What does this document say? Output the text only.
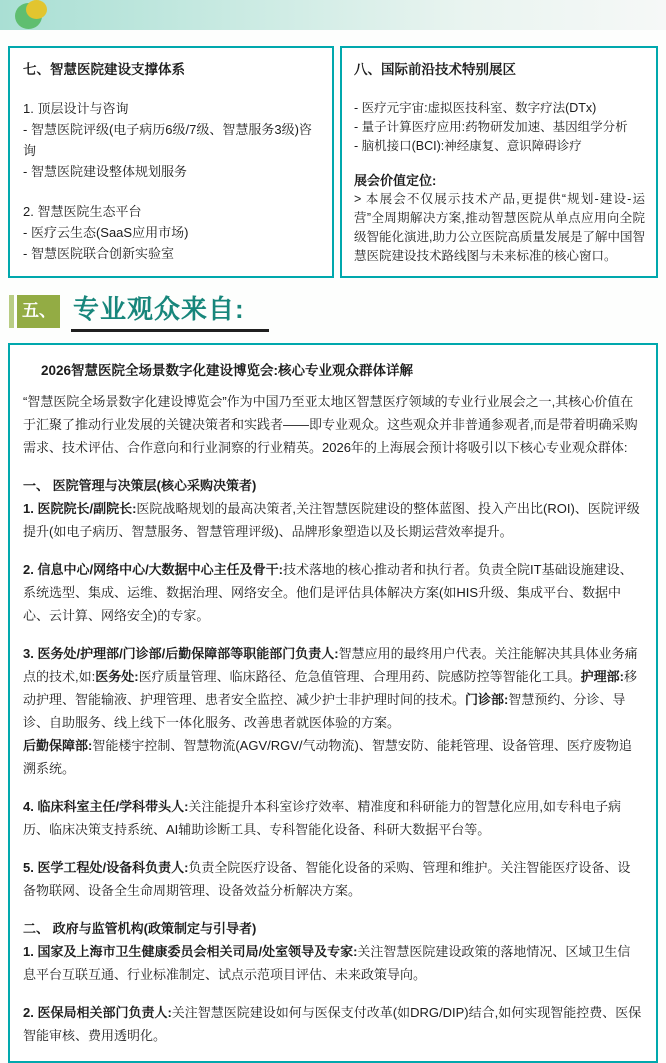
七、智慧医院建设支撑体系
1. 顶层设计与咨询
- 智慧医院评级(电子病历6级/7级、智慧服务3级)咨询
- 智慧医院建设整体规划服务
2. 智慧医院生态平台
- 医疗云生态(SaaS应用市场)
- 智慧医院联合创新实验室
八、国际前沿技术特别展区
- 医疗元宇宙:虚拟医技科室、数字疗法(DTx)
- 量子计算医疗应用:药物研发加速、基因组学分析
- 脑机接口(BCI):神经康复、意识障碍诊疗
展会价值定位:
> 本展会不仅展示技术产品,更提供“规划-建设-运营”全周期解决方案,推动智慧医院从单点应用向全院级智能化演进,助力公立医院高质量发展是了解中国智慧医院建设技术路线图与未来标准的核心窗口。
五、 专业观众来自:
2026智慧医院全场景数字化建设博览会:核心专业观众群体详解

“智慧医院全场景数字化建设博览会”作为中国乃至亚太地区智慧医疗领域的专业行业展会之一,其核心价值在于汇聚了推动行业发展的关键决策者和实践者——即专业观众。这些观众并非普通参观者,而是带着明确采购需求、技术评估、合作意向和行业洞察的行业精英。2026年的上海展会预计将吸引以下核心专业观众群体:

一、 医院管理与决策层(核心采购决策者)

1. 医院院长/副院长:医院战略规划的最高决策者,关注智慧医院建设的整体蓝图、投入产出比(ROI)、医院评级提升(如电子病历、智慧服务、智慧管理评级)、品牌形象塑造以及长期运营效率提升。

2. 信息中心/网络中心/大数据中心主任及骨干:技术落地的核心推动者和执行者。负责全院IT基础设施建设、系统选型、集成、运维、数据治理、网络安全。他们是评估具体解决方案(如HIS升级、集成平台、数据中心、云计算、网络安全)的专家。

3. 医务处/护理部/门诊部/后勤保障部等职能部门负责人:智慧应用的最终用户代表。关注能解决其具体业务痛点的技术,如:医务处:医疗质量管理、临床路径、危急值管理、合理用药、院感防控等智能化工具。护理部:移动护理、智能输液、护理管理、患者安全监控、减少护士非护理时间的技术。门诊部:智慧预约、分诊、导诊、自助服务、线上线下一体化服务、改善患者就医体验的方案。
后勤保障部:智能楼宇控制、智慧物流(AGV/RGV/气动物流)、智慧安防、能耗管理、设备管理、医疗废物追溯系统。

4. 临床科室主任/学科带头人:关注能提升本科室诊疗效率、精准度和科研能力的智慧化应用,如专科电子病历、临床决策支持系统、AI辅助诊断工具、专科智能化设备、科研大数据平台等。

5. 医学工程处/设备科负责人:负责全院医疗设备、智能化设备的采购、管理和维护。关注智能医疗设备、设备物联网、设备全生命周期管理、设备效益分析解决方案。

二、 政府与监管机构(政策制定与引导者)

1. 国家及上海市卫生健康委员会相关司局/处室领导及专家:关注智慧医院建设政策的落地情况、区域卫生信息平台互联互通、行业标准制定、试点示范项目评估、未来政策导向。

2. 医保局相关部门负责人:关注智慧医院建设如何与医保支付改革(如DRG/DIP)结合,如何实现智能控费、医保智能审核、费用透明化。
